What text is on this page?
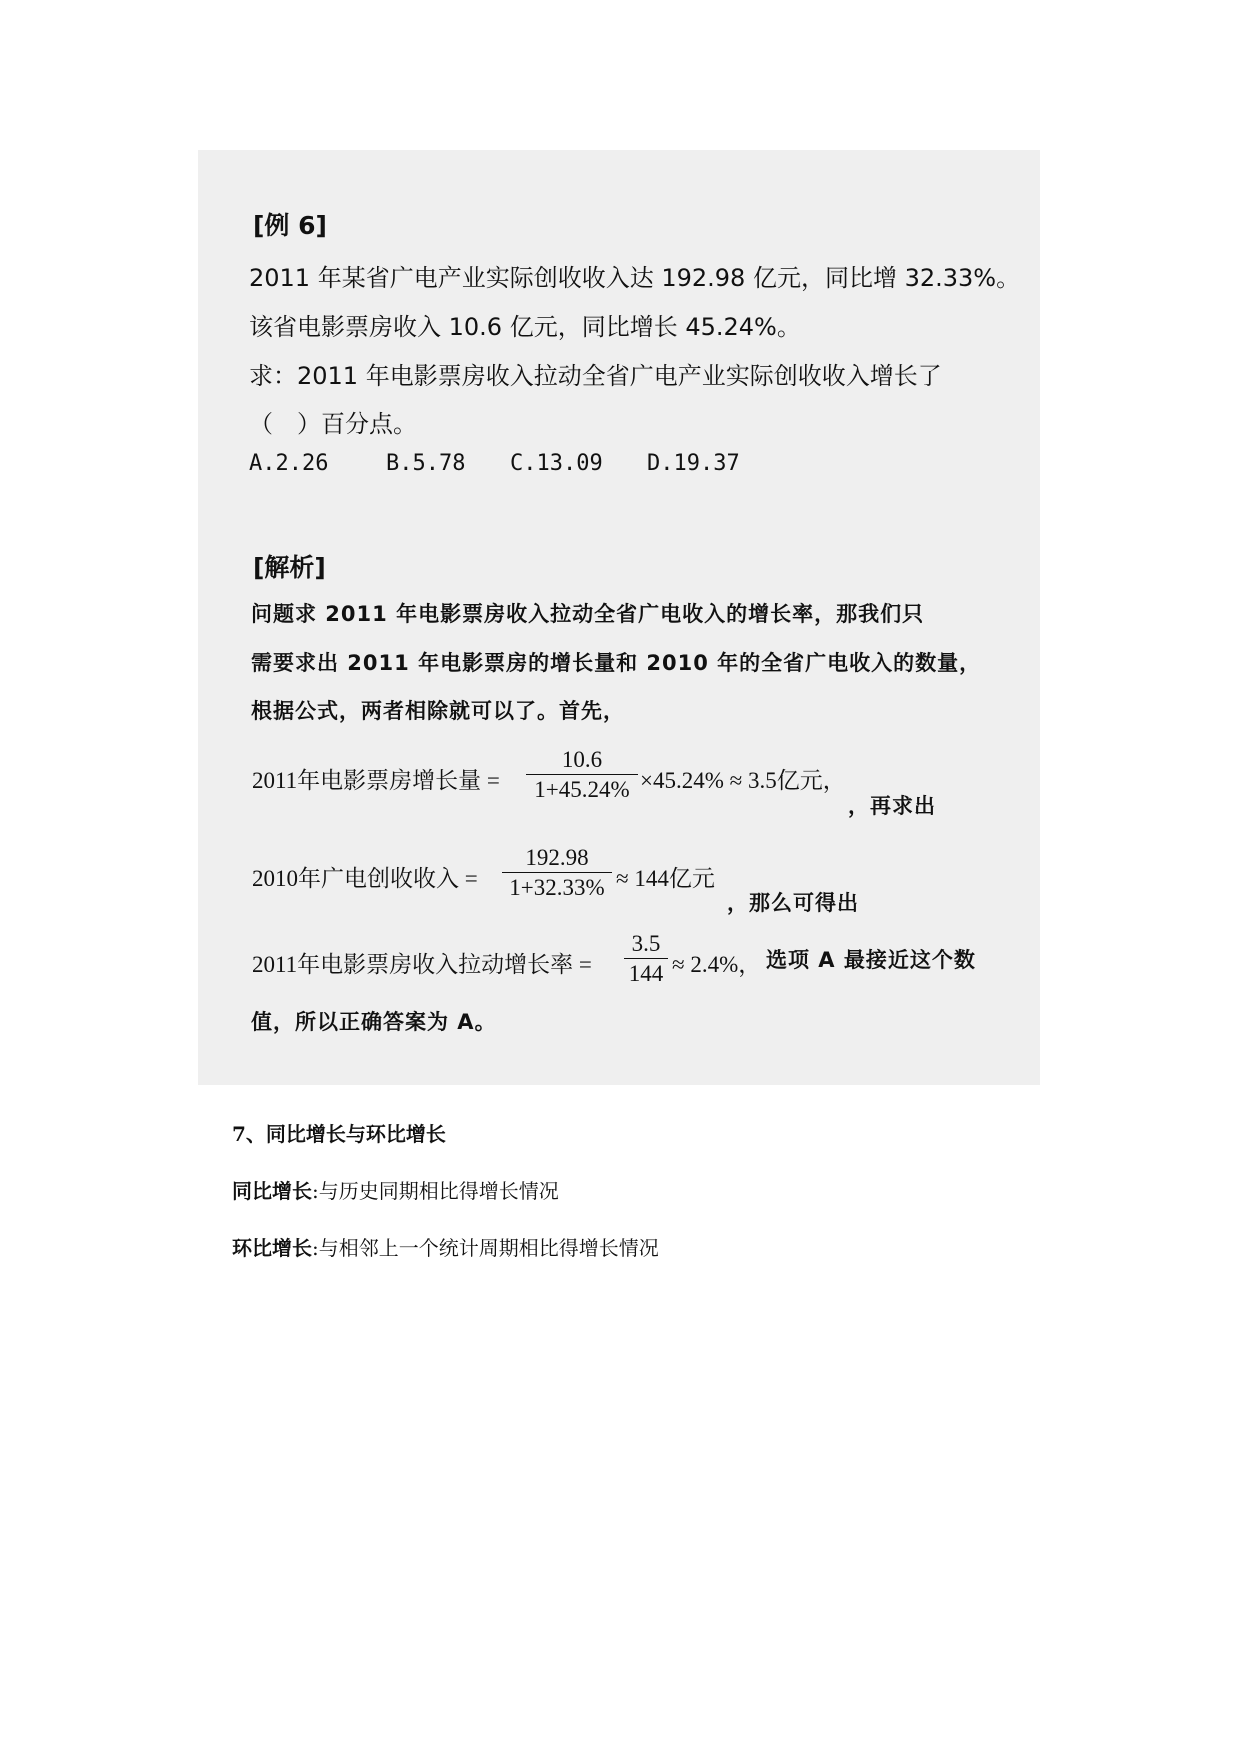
[例 6]
2011 年某省广电产业实际创收收入达 192.98 亿元，同比增 32.33%。
该省电影票房收入 10.6 亿元，同比增长 45.24%。
求：2011 年电影票房收入拉动全省广电产业实际创收收入增长了
（　）百分点。
A.2.26	B.5.78 C.13.09 D.19.37
[解析]
问题求 2011 年电影票房收入拉动全省广电收入的增长率，那我们只
需要求出 2011 年电影票房的增长量和 2010 年的全省广电收入的数量，
根据公式，两者相除就可以了。首先，
2011年电影票房增长量 =
10.6
1+45.24% ×45.24% ≈ 3.5亿元，
，再求出
2010年广电创收收入 =
192.98
1+32.33% ≈ 144亿元
，那么可得出
2011年电影票房收入拉动增长率 =
3.5
144 ≈ 2.4%， 选项 A 最接近这个数
值，所以正确答案为 A。
7、同比增长与环比增长
同比增长:与历史同期相比得增长情况
环比增长:与相邻上一个统计周期相比得增长情况
